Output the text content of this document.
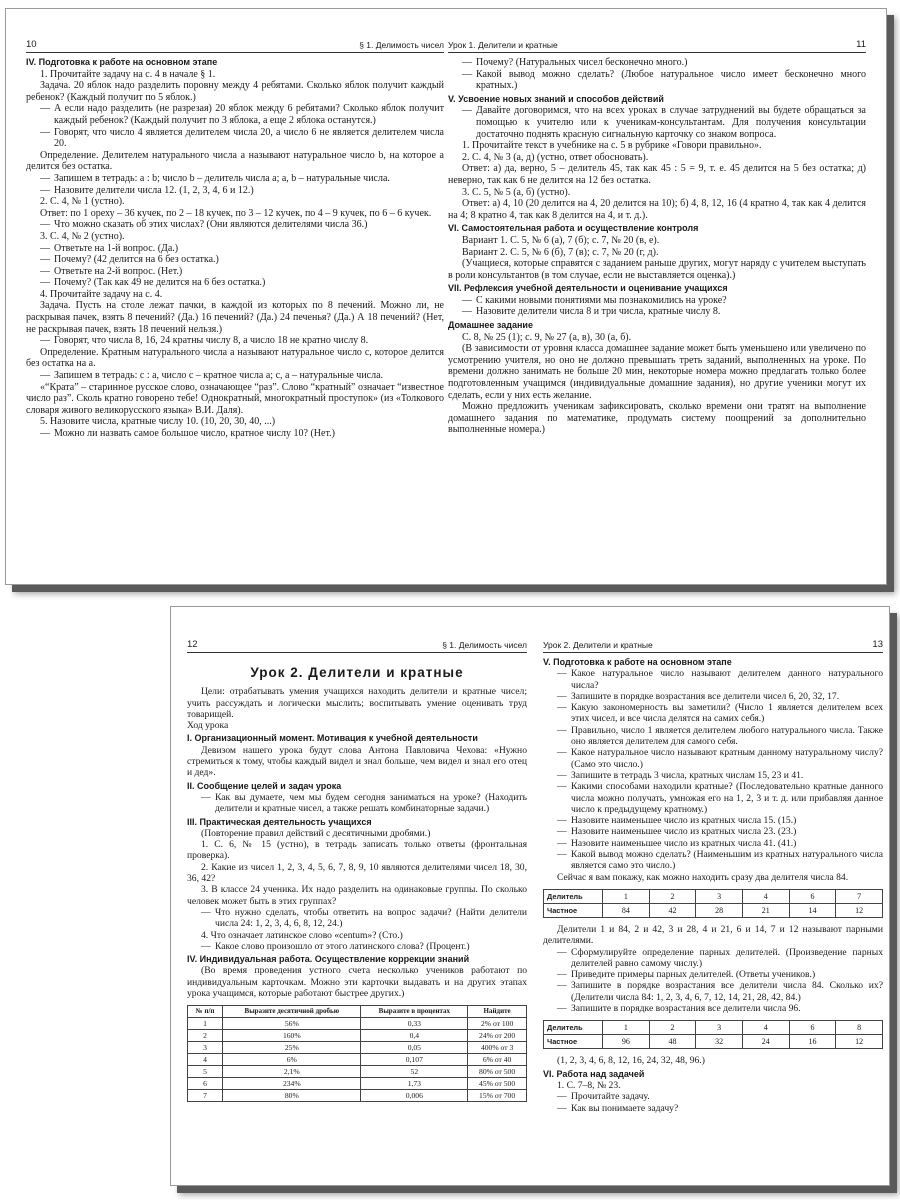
10	§ 1. Делимость чисел
IV. Подготовка к работе на основном этапе
1. Прочитайте задачу на с. 4 в начале § 1.
Задача. 20 яблок надо разделить поровну между 4 ребятами. Сколько яблок получит каждый ребенок? (Каждый получит по 5 яблок.)
— А если надо разделить (не разрезая) 20 яблок между 6 ребятами? Сколько яблок получит каждый ребенок? (Каждый получит по 3 яблока, а еще 2 яблока останутся.)
— Говорят, что число 4 является делителем числа 20, а число 6 не является делителем числа 20.
Определение. Делителем натурального числа a называют натуральное число b, на которое a делится без остатка.
— Запишем в тетрадь: a : b; число b – делитель числа a; a, b – натуральные числа.
— Назовите делители числа 12. (1, 2, 3, 4, 6 и 12.)
2. С. 4, № 1 (устно).
Ответ: по 1 ореху – 36 кучек, по 2 – 18 кучек, по 3 – 12 кучек, по 4 – 9 кучек, по 6 – 6 кучек.
— Что можно сказать об этих числах? (Они являются делителями числа 36.)
3. С. 4, № 2 (устно).
— Ответьте на 1-й вопрос. (Да.)
— Почему? (42 делится на 6 без остатка.)
— Ответьте на 2-й вопрос. (Нет.)
— Почему? (Так как 49 не делится на 6 без остатка.)
4. Прочитайте задачу на с. 4.
Задача. Пусть на столе лежат пачки, в каждой из которых по 8 печений. Можно ли, не раскрывая пачек, взять 8 печений? (Да.) 16 печений? (Да.) 24 печенья? (Да.) А 18 печений? (Нет, не раскрывая пачек, взять 18 печений нельзя.)
— Говорят, что числа 8, 16, 24 кратны числу 8, а число 18 не кратно числу 8.
Определение. Кратным натурального числа a называют натуральное число c, которое делится без остатка на a.
— Запишем в тетрадь: c : a, число c – кратное числа a; c, a – натуральные числа.
«“Крата” – старинное русское слово, означающее “раз”. Слово “кратный” означает “известное число раз”. Сколь кратно говорено тебе! Однократный, многократный проступок» (из «Толкового словаря живого великорусского языка» В.И. Даля).
5. Назовите числа, кратные числу 10. (10, 20, 30, 40, ...)
— Можно ли назвать самое большое число, кратное числу 10? (Нет.)
11
Урок 1. Делители и кратные
— Почему? (Натуральных чисел бесконечно много.)
— Какой вывод можно сделать? (Любое натуральное число имеет бесконечно много кратных.)
V. Усвоение новых знаний и способов действий
— Давайте договоримся, что на всех уроках в случае затруднений вы будете обращаться за помощью к учителю или к ученикам-консультантам. Для получения консультации достаточно поднять красную сигнальную карточку со знаком вопроса.
1. Прочитайте текст в учебнике на с. 5 в рубрике «Говори правильно».
2. С. 4, № 3 (а, д) (устно, ответ обосновать).
Ответ: а) да, верно, 5 – делитель 45, так как 45 : 5 = 9, т. е. 45 делится на 5 без остатка; д) неверно, так как 6 не делится на 12 без остатка.
3. С. 5, № 5 (а, б) (устно).
Ответ: а) 4, 10 (20 делится на 4, 20 делится на 10); б) 4, 8, 12, 16 (4 кратно 4, так как 4 делится на 4; 8 кратно 4, так как 8 делится на 4, и т. д.).
VI. Самостоятельная работа и осуществление контроля
Вариант 1. С. 5, № 6 (а), 7 (б); с. 7, № 20 (в, е).
Вариант 2. С. 5, № 6 (б), 7 (в); с. 7, № 20 (г, д).
(Учащиеся, которые справятся с заданием раньше других, могут наряду с учителем выступать в роли консультантов (в том случае, если не выставляется оценка).)
VII. Рефлексия учебной деятельности и оценивание учащихся
— С какими новыми понятиями мы познакомились на уроке?
— Назовите делители числа 8 и три числа, кратные числу 8.
Домашнее задание
С. 8, № 25 (1); с. 9, № 27 (а, в), 30 (а, б).
(В зависимости от уровня класса домашнее задание может быть уменьшено или увеличено по усмотрению учителя, но оно не должно превышать треть заданий, выполненных на уроке. По времени должно занимать не больше 20 мин, некоторые номера можно предлагать только более подготовленным учащимся (индивидуальные домашние задания), но другие ученики могут их сделать, если у них есть желание.
Можно предложить ученикам зафиксировать, сколько времени они тратят на выполнение домашнего задания по математике, продумать систему поощрений за дополнительно выполненные номера.)
12	§ 1. Делимость чисел
Урок 2. Делители и кратные
Цели: отрабатывать умения учащихся находить делители и кратные чисел; учить рассуждать и логически мыслить; воспитывать умение оценивать труд товарищей.
Ход урока
I. Организационный момент. Мотивация к учебной деятельности
Девизом нашего урока будут слова Антона Павловича Чехова: «Нужно стремиться к тому, чтобы каждый видел и знал больше, чем видел и знал его отец и дед».
II. Сообщение целей и задач урока
— Как вы думаете, чем мы будем сегодня заниматься на уроке? (Находить делители и кратные чисел, а также решать комбинаторные задачи.)
III. Практическая деятельность учащихся
(Повторение правил действий с десятичными дробями.)
1. С. 6, № 15 (устно), в тетрадь записать только ответы (фронтальная проверка).
2. Какие из чисел 1, 2, 3, 4, 5, 6, 7, 8, 9, 10 являются делителями чисел 18, 30, 36, 42?
3. В классе 24 ученика. Их надо разделить на одинаковые группы. По сколько человек может быть в этих группах?
— Что нужно сделать, чтобы ответить на вопрос задачи? (Найти делители числа 24: 1, 2, 3, 4, 6, 8, 12, 24.)
4. Что означает латинское слово «centum»? (Сто.)
— Какое слово произошло от этого латинского слова? (Процент.)
IV. Индивидуальная работа. Осуществление коррекции знаний
(Во время проведения устного счета несколько учеников работают по индивидуальным карточкам. Можно эти карточки выдавать и на других этапах урока учащимся, которые работают быстрее других.)
№ п/п	Выразите десятичной дробью	Выразите в процентах	Найдите
1	56%	0,33	2% от 100
2	160%	0,4	24% от 200
3	25%	0,05	400% от 3
4	6%	0,107	6% от 40
5	2,1%	52	80% от 500
6	234%	1,73	45% от 500
7	80%	0,006	15% от 700
13
Урок 2. Делители и кратные
V. Подготовка к работе на основном этапе
— Какое натуральное число называют делителем данного натурального числа?
— Запишите в порядке возрастания все делители чисел 6, 20, 32, 17.
— Какую закономерность вы заметили? (Число 1 является делителем всех этих чисел, и все числа делятся на самих себя.)
— Правильно, число 1 является делителем любого натурального числа. Также оно является делителем для самого себя.
— Какое натуральное число называют кратным данному натуральному числу? (Само это число.)
— Запишите в тетрадь 3 числа, кратных числам 15, 23 и 41.
— Какими способами находили кратные? (Последовательно кратные данного числа можно получать, умножая его на 1, 2, 3 и т. д. или прибавляя данное число к предыдущему кратному.)
— Назовите наименьшее число из кратных числа 15. (15.)
— Назовите наименьшее число из кратных числа 23. (23.)
— Назовите наименьшее число из кратных числа 41. (41.)
— Какой вывод можно сделать? (Наименьшим из кратных натурального числа является само это число.)
Сейчас я вам покажу, как можно находить сразу два делителя числа 84.
Делитель	1	2	3	4	6	7
Частное	84	42	28	21	14	12
Делители 1 и 84, 2 и 42, 3 и 28, 4 и 21, 6 и 14, 7 и 12 называют парными делителями.
— Сформулируйте определение парных делителей. (Произведение парных делителей равно самому числу.)
— Приведите примеры парных делителей. (Ответы учеников.)
— Запишите в порядке возрастания все делители числа 84. Сколько их? (Делители числа 84: 1, 2, 3, 4, 6, 7, 12, 14, 21, 28, 42, 84.)
— Запишите в порядке возрастания все делители числа 96.
Делитель	1	2	3	4	6	8
Частное	96	48	32	24	16	12
(1, 2, 3, 4, 6, 8, 12, 16, 24, 32, 48, 96.)
VI. Работа над задачей
1. С. 7–8, № 23.
— Прочитайте задачу.
— Как вы понимаете задачу?
